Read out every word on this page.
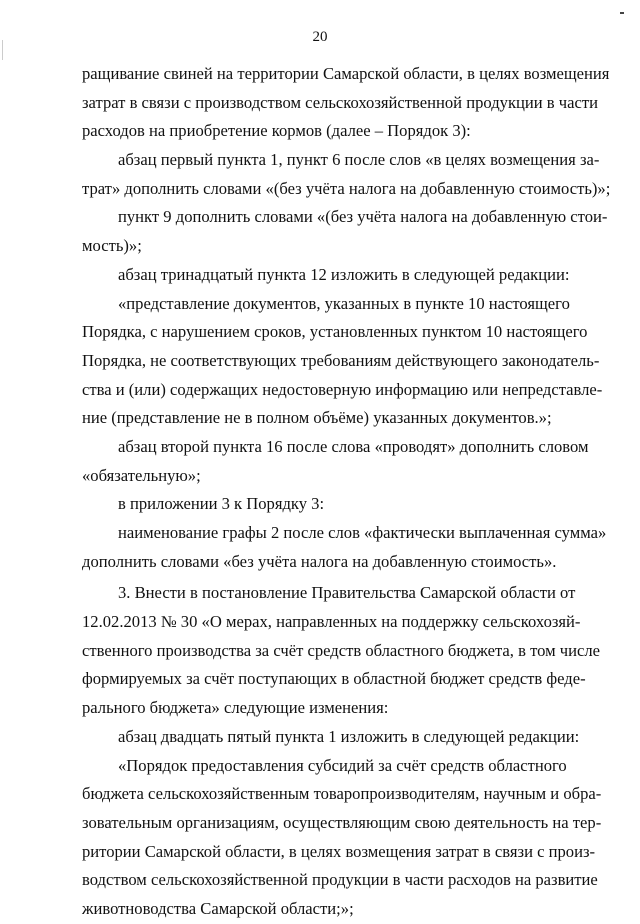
20
ращивание свиней на территории Самарской области, в целях возмещения
затрат в связи с производством сельскохозяйственной продукции в части
расходов на приобретение кормов (далее – Порядок 3):
абзац первый пункта 1, пункт 6 после слов «в целях возмещения за-
трат» дополнить словами «(без учёта налога на добавленную стоимость)»;
пункт 9 дополнить словами «(без учёта налога на добавленную стои-
мость)»;
абзац тринадцатый пункта 12 изложить в следующей редакции:
«представление документов, указанных в пункте 10 настоящего
Порядка, с нарушением сроков, установленных пунктом 10 настоящего
Порядка, не соответствующих требованиям действующего законодатель-
ства и (или) содержащих недостоверную информацию или непредставле-
ние (представление не в полном объёме) указанных документов.»;
абзац второй пункта 16 после слова «проводят» дополнить словом
«обязательную»;
в приложении 3 к Порядку 3:
наименование графы 2 после слов «фактически выплаченная сумма»
дополнить словами «без учёта налога на добавленную стоимость».
3. Внести в постановление Правительства Самарской области от
12.02.2013 № 30 «О мерах, направленных на поддержку сельскохозяй-
ственного производства за счёт средств областного бюджета, в том числе
формируемых за счёт поступающих в областной бюджет средств феде-
рального бюджета» следующие изменения:
абзац двадцать пятый пункта 1 изложить в следующей редакции:
«Порядок предоставления субсидий за счёт средств областного
бюджета сельскохозяйственным товаропроизводителям, научным и обра-
зовательным организациям, осуществляющим свою деятельность на тер-
ритории Самарской области, в целях возмещения затрат в связи с произ-
водством сельскохозяйственной продукции в части расходов на развитие
животноводства Самарской области;»;
